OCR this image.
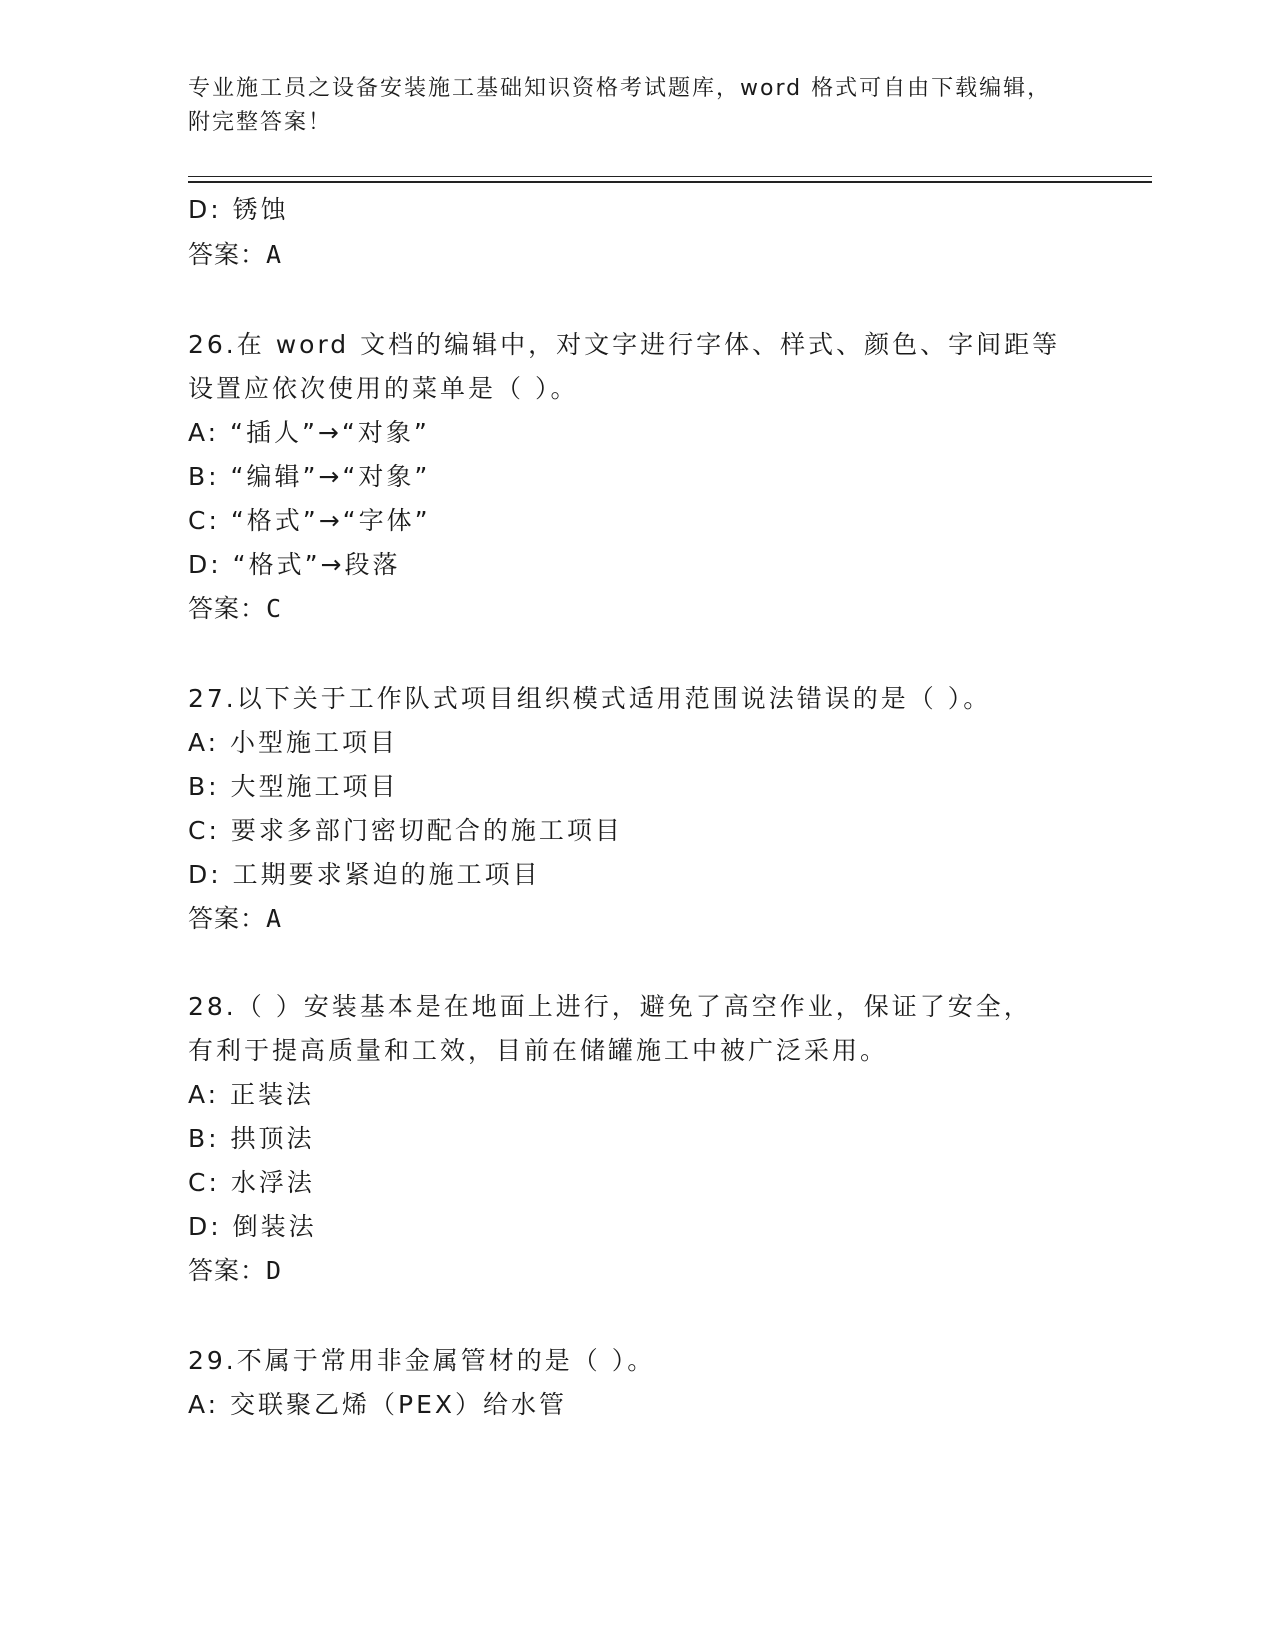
专业施工员之设备安装施工基础知识资格考试题库，word 格式可自由下载编辑，
附完整答案！
D: 锈蚀
答案：A
26.在 word 文档的编辑中，对文字进行字体、样式、颜色、字间距等
设置应依次使用的菜单是（ ）。
A: “插人”→“对象”
B: “编辑”→“对象”
C: “格式”→“字体”
D: “格式”→段落
答案：C
27.以下关于工作队式项目组织模式适用范围说法错误的是（ ）。
A: 小型施工项目
B: 大型施工项目
C: 要求多部门密切配合的施工项目
D: 工期要求紧迫的施工项目
答案：A
28.（ ）安装基本是在地面上进行，避免了高空作业，保证了安全，
有利于提高质量和工效，目前在储罐施工中被广泛采用。
A: 正装法
B: 拱顶法
C: 水浮法
D: 倒装法
答案：D
29.不属于常用非金属管材的是（ ）。
A: 交联聚乙烯（PEX）给水管
